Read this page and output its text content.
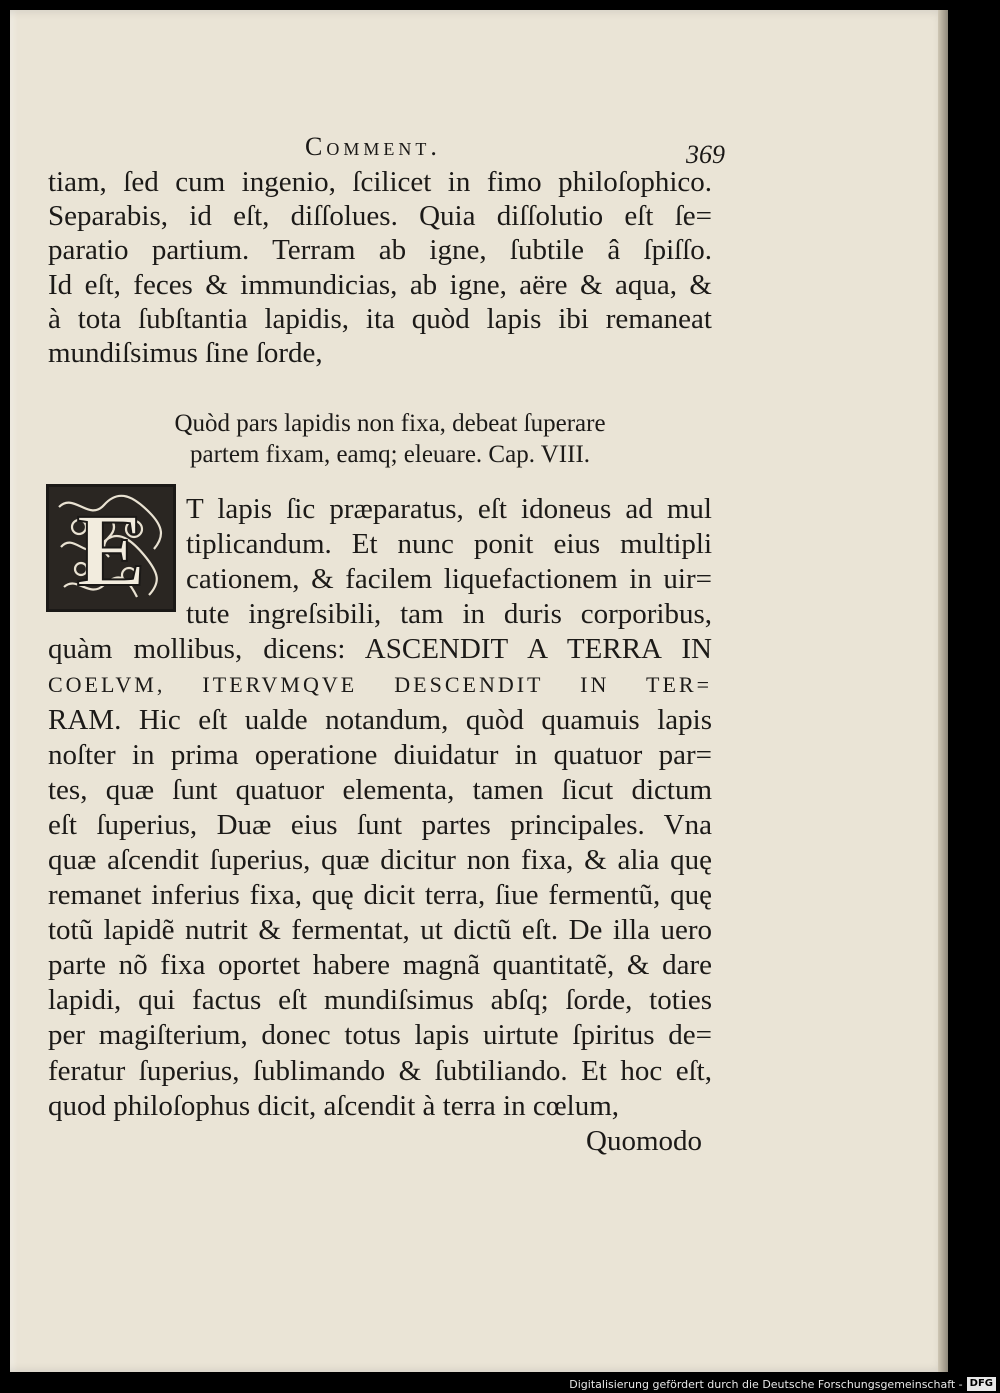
Comment.	369
tiam, ſed cum ingenio, ſcilicet in fimo philoſophico.
Separabis, id eſt, diſſolues. Quia diſſolutio eſt ſe=
paratio partium. Terram ab igne, ſubtile â ſpiſſo.
Id eſt, feces & immundicias, ab igne, aëre & aqua, &
à tota ſubſtantia lapidis, ita quòd lapis ibi remaneat
mundiſsimus ſine ſorde,
Quòd pars lapidis non fixa, debeat ſuperare
partem fixam, eamq; eleuare. Cap. VIII.
E T lapis ſic præparatus, eſt idoneus ad mul
tiplicandum. Et nunc ponit eius multipli
cationem, & facilem liquefactionem in uir=
tute ingreſsibili, tam in duris corporibus,
quàm mollibus, dicens: ASCENDIT A TERRA IN
COELVM, ITERVMQVE DESCENDIT IN TER=
RAM. Hic eſt ualde notandum, quòd quamuis lapis
noſter in prima operatione diuidatur in quatuor par=
tes, quæ ſunt quatuor elementa, tamen ſicut dictum
eſt ſuperius, Duæ eius ſunt partes principales. Vna
quæ aſcendit ſuperius, quæ dicitur non fixa, & alia quę
remanet inferius fixa, quę dicit terra, ſiue fermentũ, quę
totũ lapidẽ nutrit & fermentat, ut dictũ eſt. De illa uero
parte nõ fixa oportet habere magnã quantitatẽ, & dare
lapidi, qui factus eſt mundiſsimus abſq; ſorde, toties
per magiſterium, donec totus lapis uirtute ſpiritus de=
feratur ſuperius, ſublimando & ſubtiliando. Et hoc eſt,
quod philoſophus dicit, aſcendit à terra in cœlum,
Quomodo
Digitalisierung gefördert durch die Deutsche Forschungsgemeinschaft - DFG
